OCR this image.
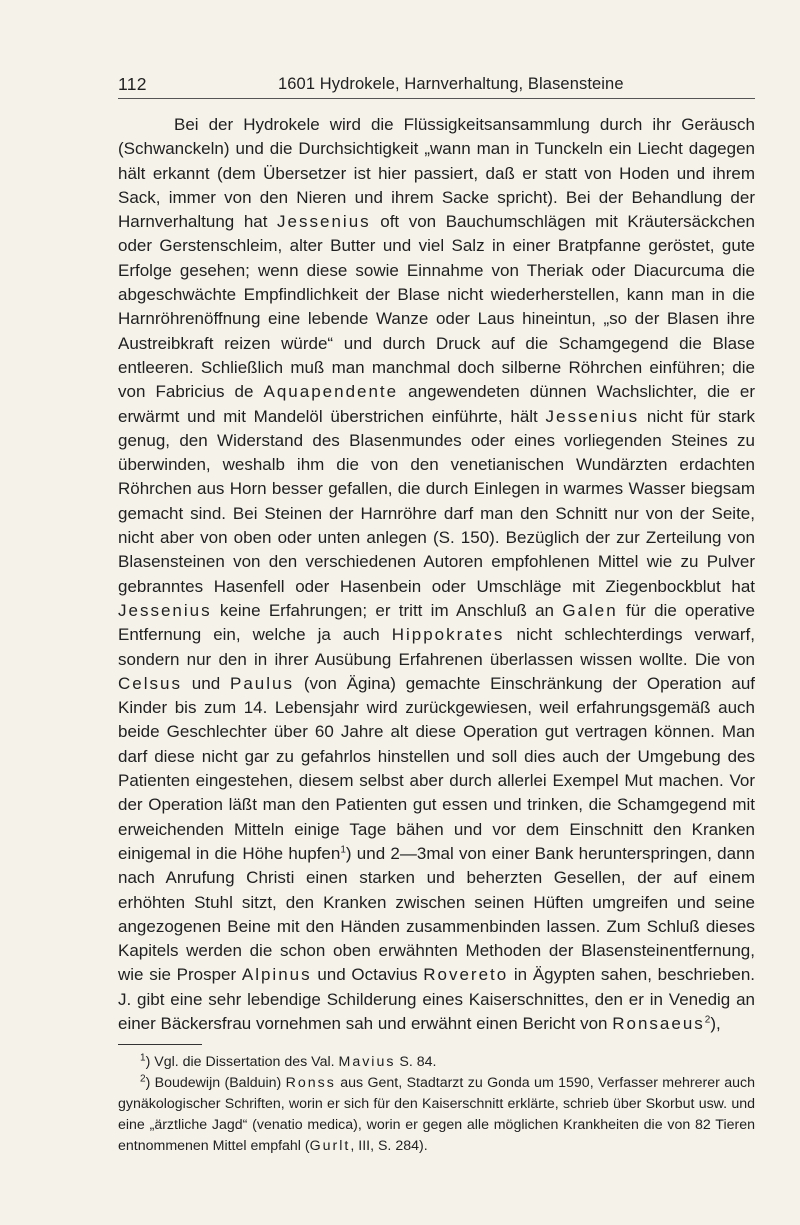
112	1601 Hydrokele, Harnverhaltung, Blasensteine

Bei der Hydrokele wird die Flüssigkeitsansammlung durch ihr Geräusch (Schwanckeln) und die Durchsichtigkeit „wann man in Tunckeln ein Liecht dagegen hält erkannt (dem Übersetzer ist hier passiert, daß er statt von Hoden und ihrem Sack, immer von den Nieren und ihrem Sacke spricht). Bei der Behandlung der Harnverhaltung hat Jessenius oft von Bauchumschlägen mit Kräutersäckchen oder Gerstenschleim, alter Butter und viel Salz in einer Bratpfanne geröstet, gute Erfolge gesehen; wenn diese sowie Einnahme von Theriak oder Diacurcuma die abgeschwächte Empfindlichkeit der Blase nicht wiederherstellen, kann man in die Harnröhrenöffnung eine lebende Wanze oder Laus hineintun, „so der Blasen ihre Austreibkraft reizen würde“ und durch Druck auf die Schamgegend die Blase entleeren. Schließlich muß man manchmal doch silberne Röhrchen einführen; die von Fabricius de Aquapendente angewendeten dünnen Wachslichter, die er erwärmt und mit Mandelöl überstrichen einführte, hält Jessenius nicht für stark genug, den Widerstand des Blasenmundes oder eines vorliegenden Steines zu überwinden, weshalb ihm die von den venetianischen Wundärzten erdachten Röhrchen aus Horn besser gefallen, die durch Einlegen in warmes Wasser biegsam gemacht sind. Bei Steinen der Harnröhre darf man den Schnitt nur von der Seite, nicht aber von oben oder unten anlegen (S. 150). Bezüglich der zur Zerteilung von Blasensteinen von den verschiedenen Autoren empfohlenen Mittel wie zu Pulver gebranntes Hasenfell oder Hasenbein oder Umschläge mit Ziegenbockblut hat Jessenius keine Erfahrungen; er tritt im Anschluß an Galen für die operative Entfernung ein, welche ja auch Hippokrates nicht schlechterdings verwarf, sondern nur den in ihrer Ausübung Erfahrenen überlassen wissen wollte. Die von Celsus und Paulus (von Ägina) gemachte Einschränkung der Operation auf Kinder bis zum 14. Lebensjahr wird zurückgewiesen, weil erfahrungsgemäß auch beide Geschlechter über 60 Jahre alt diese Operation gut vertragen können. Man darf diese nicht gar zu gefahrlos hinstellen und soll dies auch der Umgebung des Patienten eingestehen, diesem selbst aber durch allerlei Exempel Mut machen. Vor der Operation läßt man den Patienten gut essen und trinken, die Schamgegend mit erweichenden Mitteln einige Tage bähen und vor dem Einschnitt den Kranken einigemal in die Höhe hupfen$^1$) und 2—3mal von einer Bank herunterspringen, dann nach Anrufung Christi einen starken und beherzten Gesellen, der auf einem erhöhten Stuhl sitzt, den Kranken zwischen seinen Hüften umgreifen und seine angezogenen Beine mit den Händen zusammenbinden lassen. Zum Schluß dieses Kapitels werden die schon oben erwähnten Methoden der Blasensteinentfernung, wie sie Prosper Alpinus und Octavius Rovereto in Ägypten sahen, beschrieben. J. gibt eine sehr lebendige Schilderung eines Kaiserschnittes, den er in Venedig an einer Bäckersfrau vornehmen sah und erwähnt einen Bericht von Ronsaeus$^2$),

$^1$) Vgl. die Dissertation des Val. Mavius S. 84.

$^2$) Boudewijn (Balduin) Ronss aus Gent, Stadtarzt zu Gonda um 1590, Verfasser mehrerer auch gynäkologischer Schriften, worin er sich für den Kaiserschnitt erklärte, schrieb über Skorbut usw. und eine „ärztliche Jagd“ (venatio medica), worin er gegen alle möglichen Krankheiten die von 82 Tieren entnommenen Mittel empfahl (Gurlt, III, S. 284).
